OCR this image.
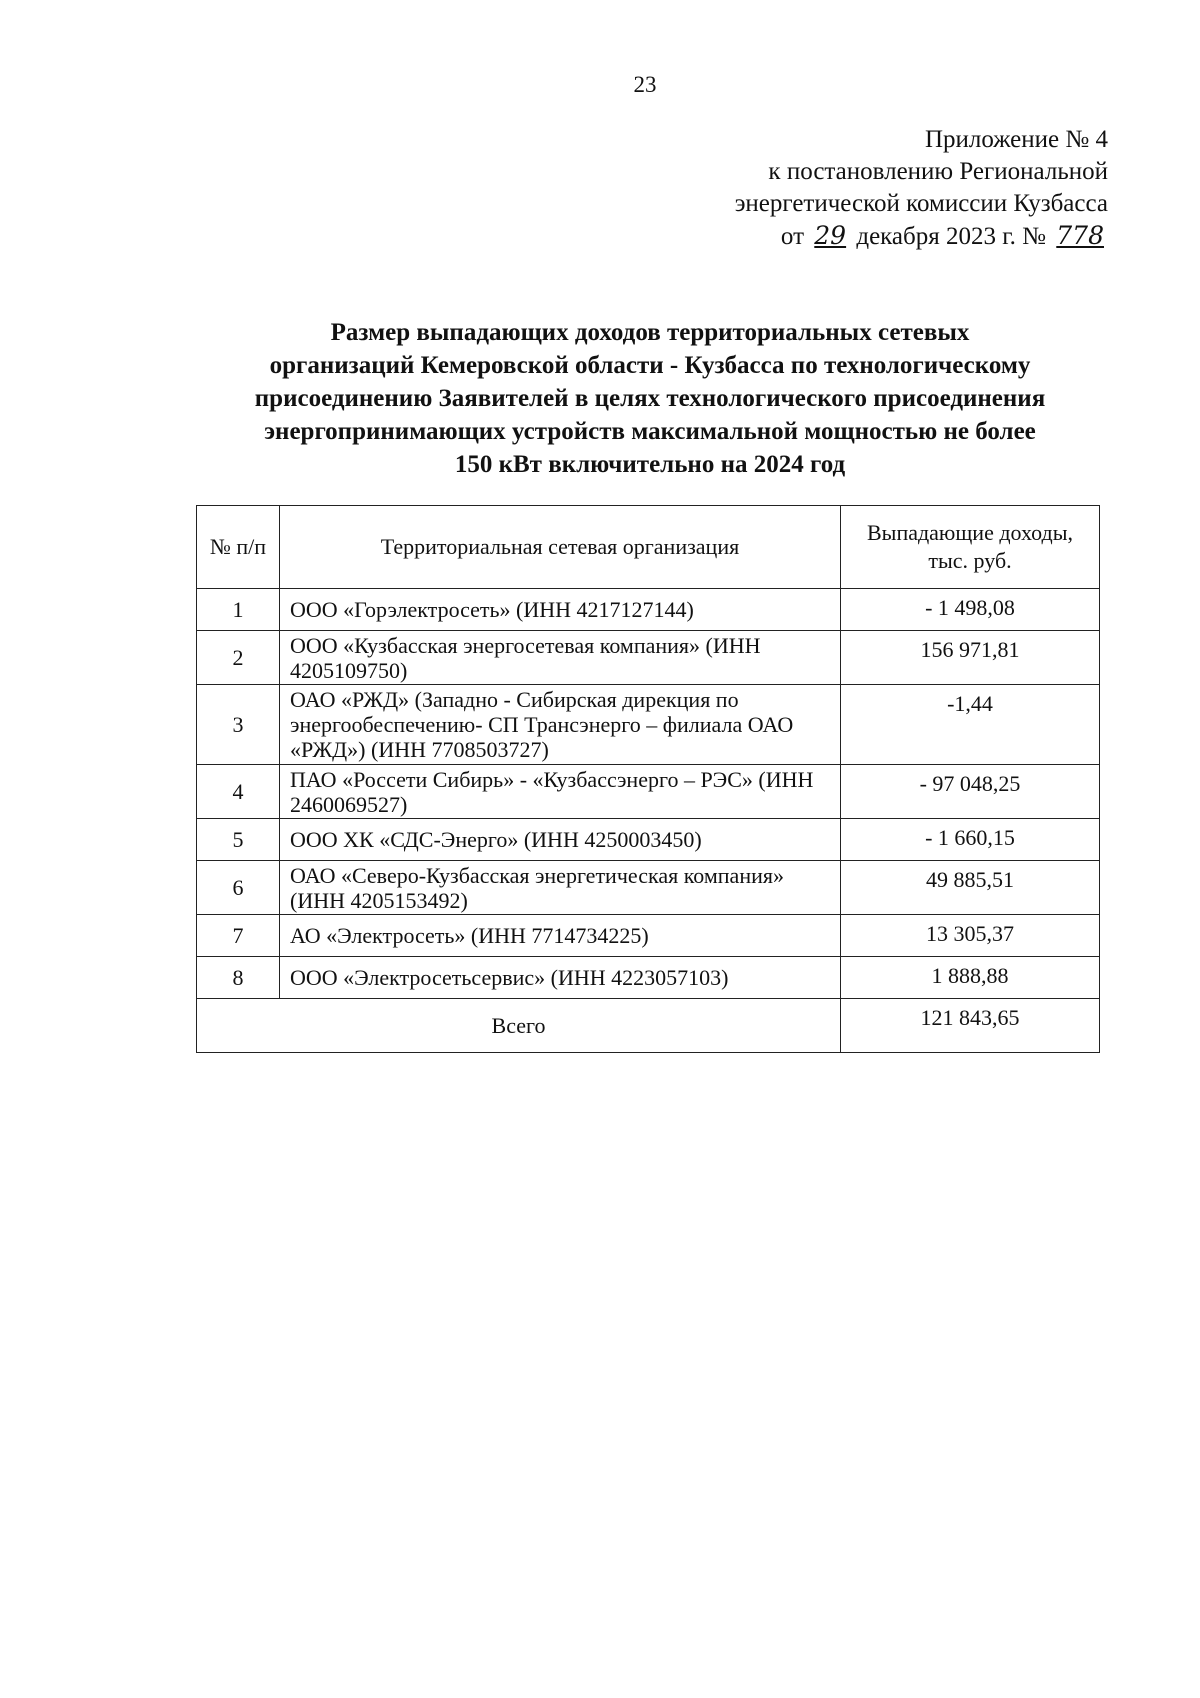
23
Приложение № 4
к постановлению Региональной
энергетической комиссии Кузбасса
от 29 декабря 2023 г. № 778
Размер выпадающих доходов территориальных сетевых
организаций Кемеровской области - Кузбасса по технологическому
присоединению Заявителей в целях технологического присоединения
энергопринимающих устройств максимальной мощностью не более
150 кВт включительно на 2024 год
№ п/п	Территориальная сетевая организация	Выпадающие доходы, тыс. руб.
1	ООО «Горэлектросеть» (ИНН 4217127144)	- 1 498,08
2	ООО «Кузбасская энергосетевая компания» (ИНН 4205109750)	156 971,81
3	ОАО «РЖД» (Западно - Сибирская дирекция по энергообеспечению- СП Трансэнерго – филиала ОАО «РЖД») (ИНН 7708503727)	-1,44
4	ПАО «Россети Сибирь» - «Кузбассэнерго – РЭС» (ИНН 2460069527)	- 97 048,25
5	ООО ХК «СДС-Энерго» (ИНН 4250003450)	- 1 660,15
6	ОАО «Северо-Кузбасская энергетическая компания» (ИНН 4205153492)	49 885,51
7	АО «Электросеть» (ИНН 7714734225)	13 305,37
8	ООО «Электросетьсервис» (ИНН 4223057103)	1 888,88
Всего		121 843,65
